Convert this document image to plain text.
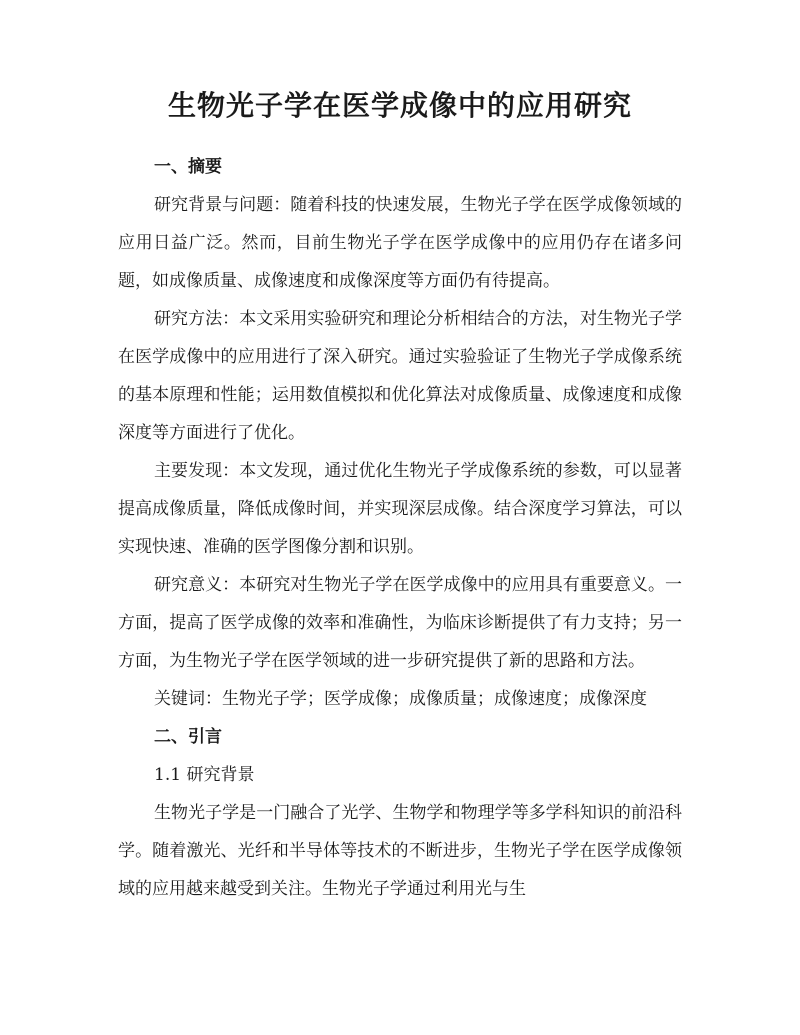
生物光子学在医学成像中的应用研究
一、摘要

研究背景与问题：随着科技的快速发展，生物光子学在医学成像领域的应用日益广泛。然而，目前生物光子学在医学成像中的应用仍存在诸多问题，如成像质量、成像速度和成像深度等方面仍有待提高。

研究方法：本文采用实验研究和理论分析相结合的方法，对生物光子学在医学成像中的应用进行了深入研究。通过实验验证了生物光子学成像系统的基本原理和性能；运用数值模拟和优化算法对成像质量、成像速度和成像深度等方面进行了优化。

主要发现：本文发现，通过优化生物光子学成像系统的参数，可以显著提高成像质量，降低成像时间，并实现深层成像。结合深度学习算法，可以实现快速、准确的医学图像分割和识别。

研究意义：本研究对生物光子学在医学成像中的应用具有重要意义。一方面，提高了医学成像的效率和准确性，为临床诊断提供了有力支持；另一方面，为生物光子学在医学领域的进一步研究提供了新的思路和方法。

关键词：生物光子学；医学成像；成像质量；成像速度；成像深度

二、引言

1.1 研究背景

生物光子学是一门融合了光学、生物学和物理学等多学科知识的前沿科学。随着激光、光纤和半导体等技术的不断进步，生物光子学在医学成像领域的应用越来越受到关注。生物光子学通过利用光与生
